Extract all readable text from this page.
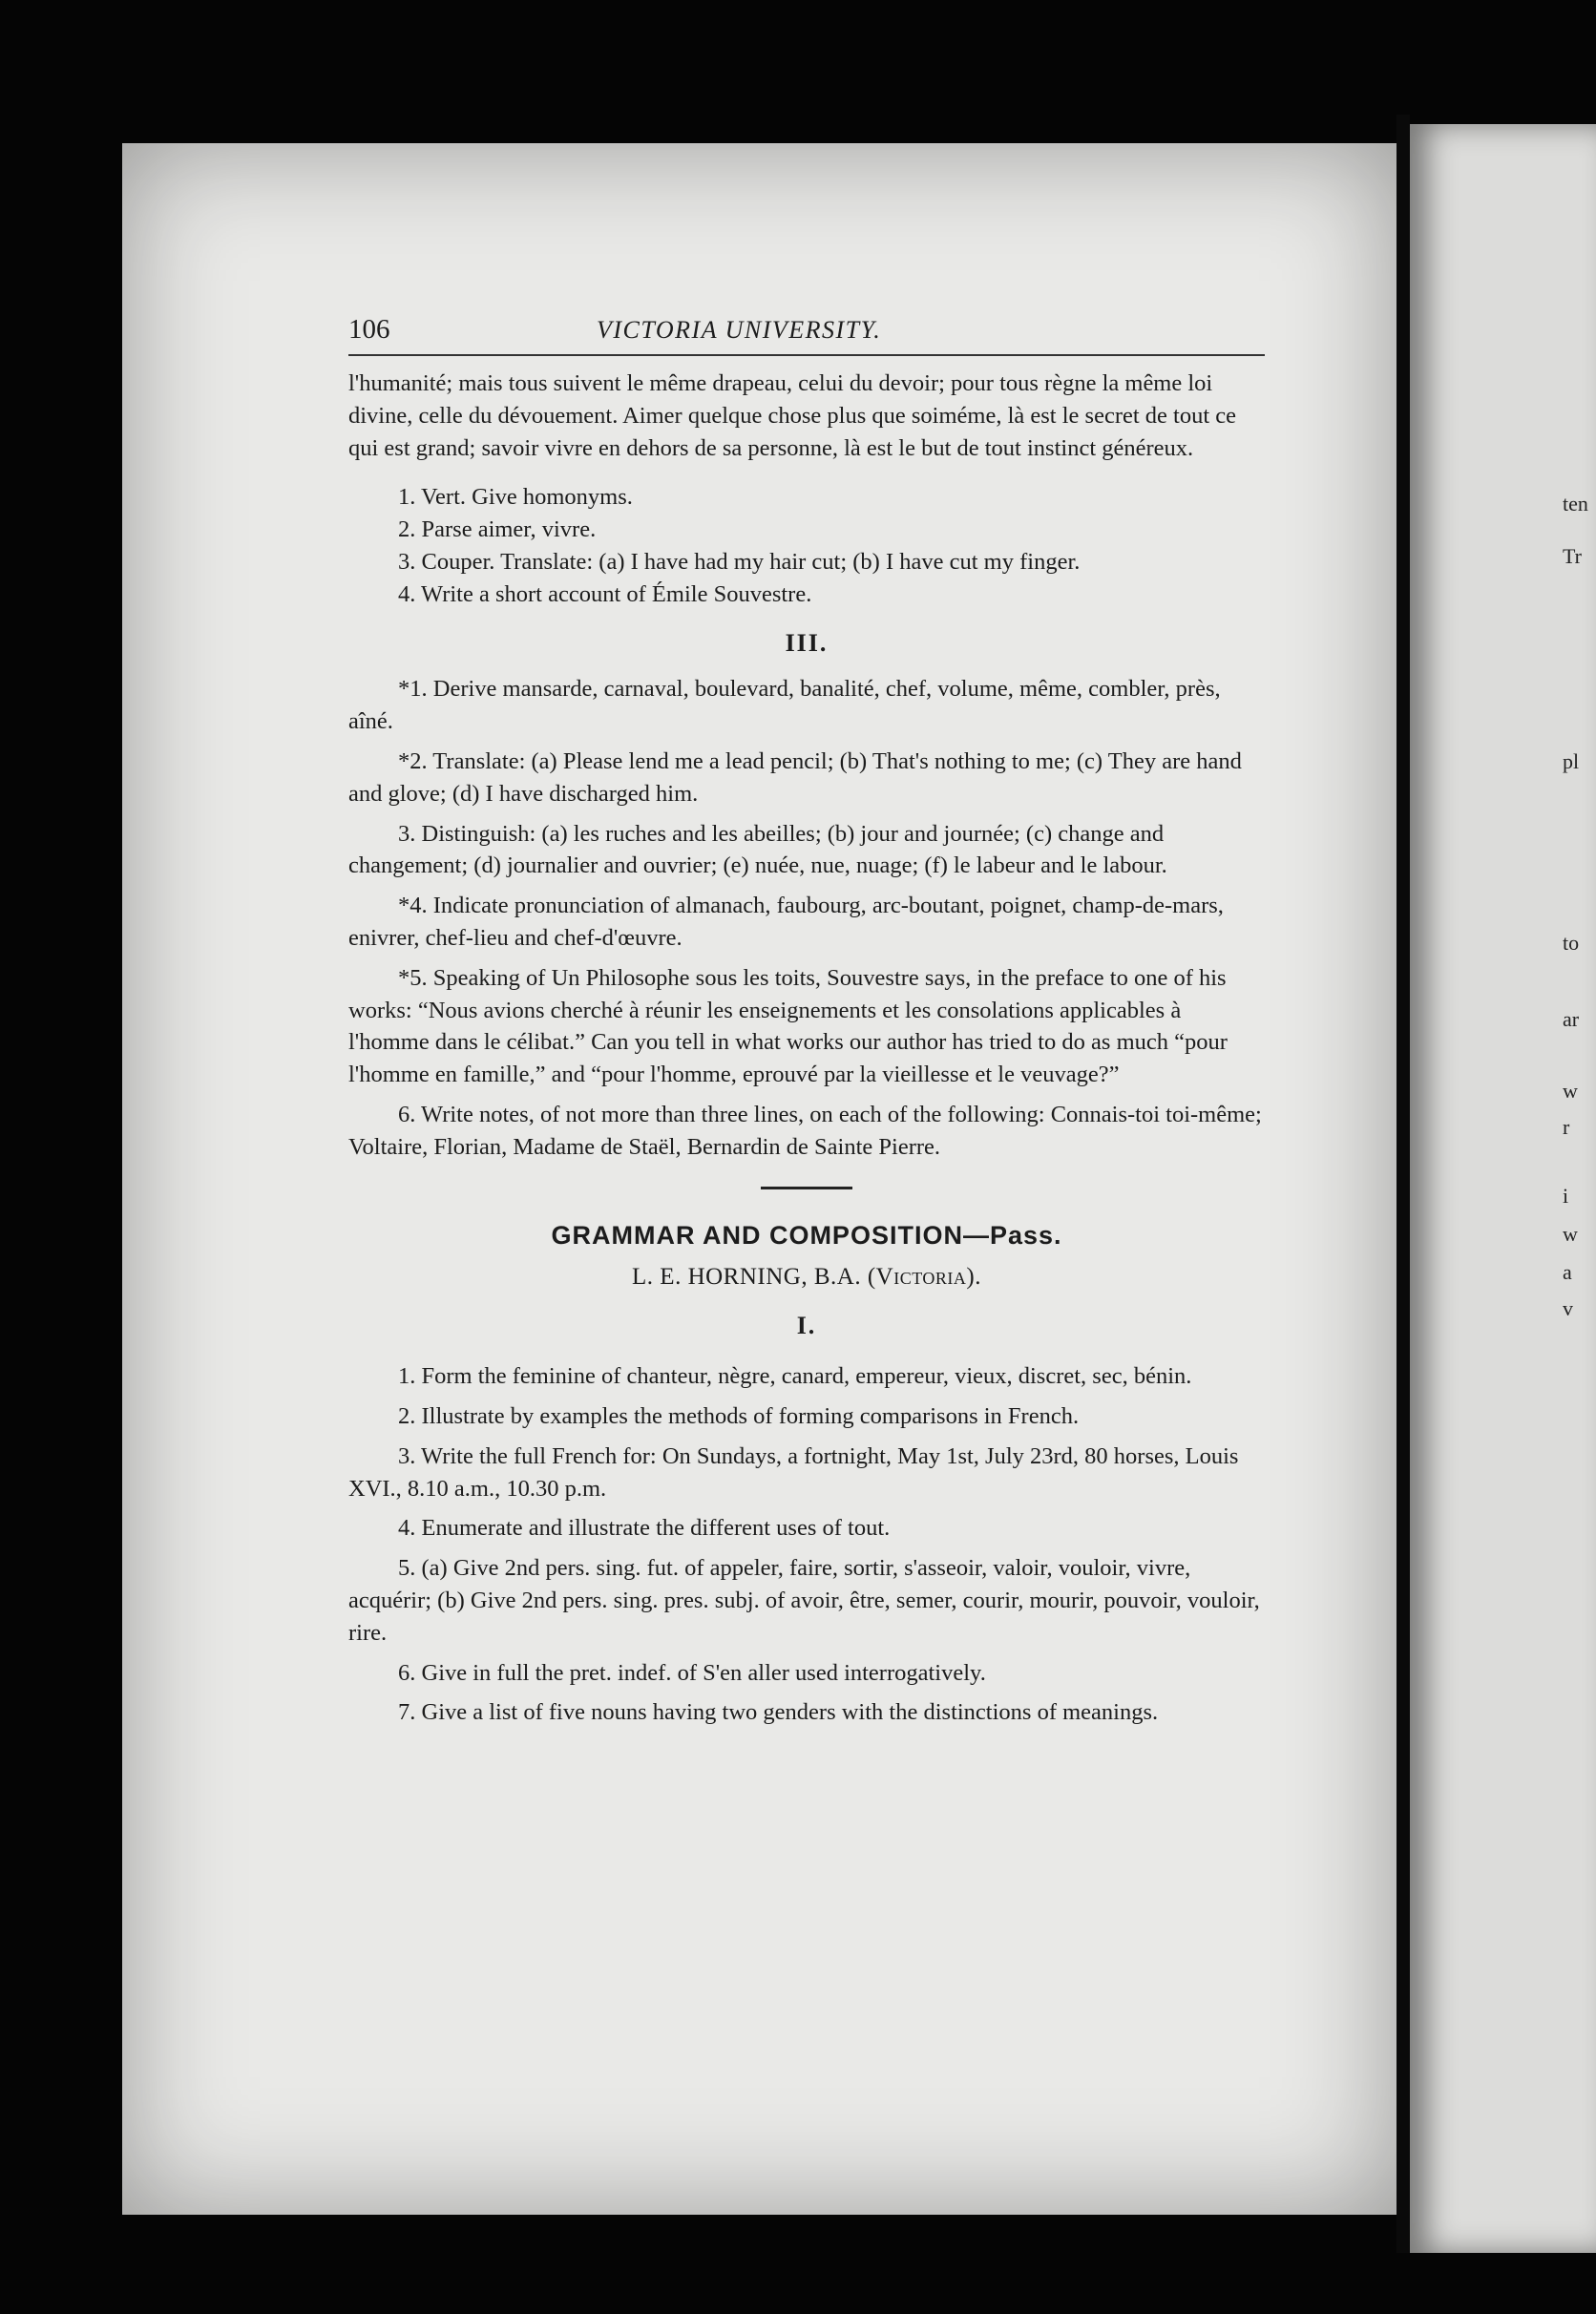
ten
Tr
pl
to
ar
w
r
i
w
a
v
106	VICTORIA UNIVERSITY.

l'humanité; mais tous suivent le même drapeau, celui du devoir; pour tous règne la même loi divine, celle du dévouement. Aimer quelque chose plus que soiméme, là est le secret de tout ce qui est grand; savoir vivre en dehors de sa personne, là est le but de tout instinct généreux.

1. Vert. Give homonyms.

2. Parse aimer, vivre.

3. Couper. Translate: (a) I have had my hair cut; (b) I have cut my finger.

4. Write a short account of Émile Souvestre.

III.

*1. Derive mansarde, carnaval, boulevard, banalité, chef, volume, même, combler, près, aîné.

*2. Translate: (a) Please lend me a lead pencil; (b) That's nothing to me; (c) They are hand and glove; (d) I have discharged him.

3. Distinguish: (a) les ruches and les abeilles; (b) jour and journée; (c) change and changement; (d) journalier and ouvrier; (e) nuée, nue, nuage; (f) le labeur and le labour.

*4. Indicate pronunciation of almanach, faubourg, arc-boutant, poignet, champ-de-mars, enivrer, chef-lieu and chef-d'œuvre.

*5. Speaking of Un Philosophe sous les toits, Souvestre says, in the preface to one of his works: “Nous avions cherché à réunir les enseignements et les consolations applicables à l'homme dans le célibat.” Can you tell in what works our author has tried to do as much “pour l'homme en famille,” and “pour l'homme, eprouvé par la vieillesse et le veuvage?”

6. Write notes, of not more than three lines, on each of the following: Connais-toi toi-même; Voltaire, Florian, Madame de Staël, Bernardin de Sainte Pierre.

GRAMMAR AND COMPOSITION—Pass.
L. E. HORNING, B.A. (Victoria).
I.

1. Form the feminine of chanteur, nègre, canard, empereur, vieux, discret, sec, bénin.

2. Illustrate by examples the methods of forming comparisons in French.

3. Write the full French for: On Sundays, a fortnight, May 1st, July 23rd, 80 horses, Louis XVI., 8.10 a.m., 10.30 p.m.

4. Enumerate and illustrate the different uses of tout.

5. (a) Give 2nd pers. sing. fut. of appeler, faire, sortir, s'asseoir, valoir, vouloir, vivre, acquérir; (b) Give 2nd pers. sing. pres. subj. of avoir, être, semer, courir, mourir, pouvoir, vouloir, rire.

6. Give in full the pret. indef. of S'en aller used interrogatively.

7. Give a list of five nouns having two genders with the distinctions of meanings.
